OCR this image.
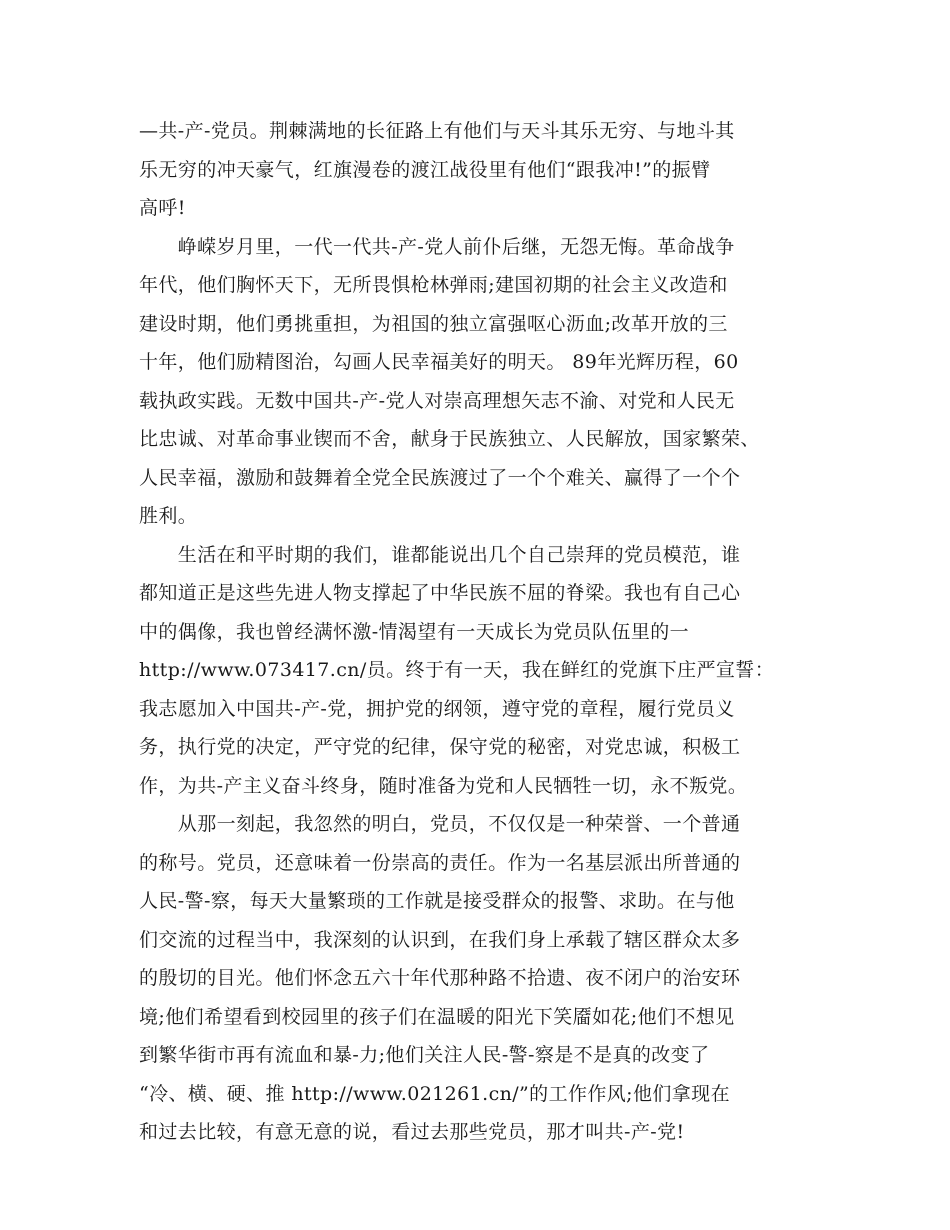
—共-产-党员。荆棘满地的长征路上有他们与天斗其乐无穷、与地斗其
乐无穷的冲天豪气，红旗漫卷的渡江战役里有他们“跟我冲!”的振臂
高呼!
　　峥嵘岁月里，一代一代共-产-党人前仆后继，无怨无悔。革命战争
年代，他们胸怀天下，无所畏惧枪林弹雨;建国初期的社会主义改造和
建设时期，他们勇挑重担，为祖国的独立富强呕心沥血;改革开放的三
十年，他们励精图治，勾画人民幸福美好的明天。 89年光辉历程，60
载执政实践。无数中国共-产-党人对崇高理想矢志不渝、对党和人民无
比忠诚、对革命事业锲而不舍，献身于民族独立、人民解放，国家繁荣、
人民幸福，激励和鼓舞着全党全民族渡过了一个个难关、赢得了一个个
胜利。
　　生活在和平时期的我们，谁都能说出几个自己崇拜的党员模范，谁
都知道正是这些先进人物支撑起了中华民族不屈的脊梁。我也有自己心
中的偶像，我也曾经满怀激-情渴望有一天成长为党员队伍里的一
http://www.073417.cn/员。终于有一天，我在鲜红的党旗下庄严宣誓：
我志愿加入中国共-产-党，拥护党的纲领，遵守党的章程，履行党员义
务，执行党的决定，严守党的纪律，保守党的秘密，对党忠诚，积极工
作，为共-产主义奋斗终身，随时准备为党和人民牺牲一切，永不叛党。
　　从那一刻起，我忽然的明白，党员，不仅仅是一种荣誉、一个普通
的称号。党员，还意味着一份崇高的责任。作为一名基层派出所普通的
人民-警-察，每天大量繁琐的工作就是接受群众的报警、求助。在与他
们交流的过程当中，我深刻的认识到，在我们身上承载了辖区群众太多
的殷切的目光。他们怀念五六十年代那种路不拾遗、夜不闭户的治安环
境;他们希望看到校园里的孩子们在温暖的阳光下笑靥如花;他们不想见
到繁华街市再有流血和暴-力;他们关注人民-警-察是不是真的改变了
“冷、横、硬、推 http://www.021261.cn/”的工作作风;他们拿现在
和过去比较，有意无意的说，看过去那些党员，那才叫共-产-党!
